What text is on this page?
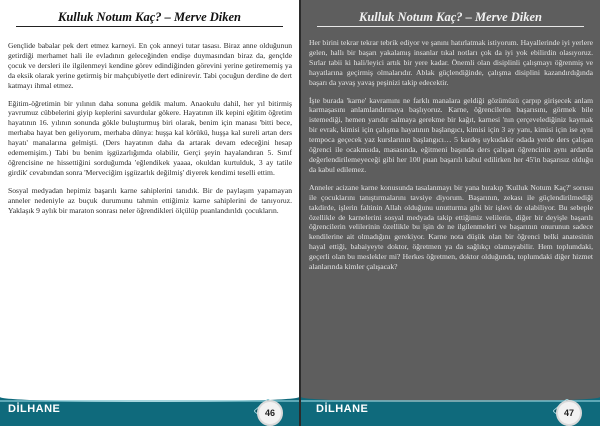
Kulluk Notum Kaç? – Merve Diken

Gençlide babalar pek dert etmez karneyi. En çok anneyi tutar tasası. Biraz anne olduğunun getirdiği merhamet hali ile evladının geleceğinden endişe duymasından biraz da, gençlde çocuk ve dersleri ile ilgilenmeyi kendine görev edindiğinden görevini yerine getirememiş ya da eksik olarak yerine getirmiş bir mahçubiyetle dert edinirevir. Tabi çocuğun derdine de dert katmayı ihmal etmez.

Eğitim-öğretimin bir yılının daha sonuna geldik malum. Anaokulu dahil, her yıl bitirmiş yavrumuz cübbelerini giyip keplerini savurdular gökere. Hayatının ilk kepini eğitim öğretim hayatının 16. yılının sonunda gökle buluşturmuş biri olarak, benim için manası 'bitti bece, merhaba hayat ben geliyorum, merhaba dünya: huşşa kal körükü, huşşa kal sureli artan ders hayatı' manalarına gelmişti. (Ders hayatının daha da artarak devam edeceğini hesap edememişim.) Tabi bu benim işgüzarlığımda olabilir, Gerçi şeyin hayalandıran 5. Sınıf öğrencisine ne hissettiğini sorduğumda 'eğlendikek yaaaa, okuldan kurtulduk, 3 ay tatile girdik' cevabından sonra 'Merveciğim işgüzarlık değilmiş' diyerek kendimi teselli ettim.

Sosyal medyadan hepimiz başarılı karne sahiplerini tanıdık. Bir de paylaşım yapamayan anneler nedeniyle az buçuk durumunu tahmin ettiğimiz karne sahiplerini de tanıyoruz. Yaklaşık 9 aylık bir maraton sonrası neler öğrendikleri ölçülüp puanlandırıldı çocukların.

DİLHANE	46
Kulluk Notum Kaç? – Merve Diken

Her birini tekrar tekrar tebrik ediyor ve şanını hatırlatmak istiyorum. Hayallerinde iyi yerlere gelen, hallı bir başarı yakalamış insanlar tıkal notları çok da iyi yok ebilirdin olasıyoruz. Sırlar tabii ki hali/leyici artık bir yere kadar. Önemli olan disiplinli çalışmayı öğrenmiş ve hayatlarına geçirmiş olmalarıdır. Ablak güçlendiğinde, çalışma disiplini kazandırdığında başarı da yavaş yavaş peşinizi takip edecektir.

İşte burada 'karne' kavramını ne farklı manalara geldiği gözümüzü çarpıp girişecek anlam karmaşasını anlamlandırmaya başlıyoruz. Karne, öğrencilerin başarısını, görmek bile istemediği, hemen yarıdır salmaya gerekme bir kağıt, karnesi 'nın çerçevelediğiniz kaymak bir evrak, kimisi için çalışma hayatının başlangıcı, kimisi için 3 ay yanı, kimisi için ise ayni tempoca geçecek yaz kurslarının başlangıcı… 5 kardeş uykudakir odada yerde ders çalışan öğrenci ile ocakmsıda, masasında, eğitmeni başında ders çalışan öğrencinin aynı ardarda değerlendirilemeyeceği gibi her 100 puan başarılı kabul edilirken her 45'in başarısız olduğu da kabul edilemez.

Anneler acizane karne konusunda tasalanmayı bir yana bırakıp 'Kulluk Notum Kaç?' sorusu ile çocuklarını tanıştırmalarını tavsiye diyorum. Başarının, zekası ile güçlendirilmediği takdirde, işlerin faltinin Allah olduğunu unutturma gibi bir işlevi de olabiliyor. Bu sebeple özellikle de karnelerini sosyal medyada takip ettiğimiz velilerin, diğer bir deyişle başarılı öğrencilerin velilerinin özellikle bu işin de ne ilgilenmeleri ve başarının onurunun sadece kendilerine ait olmadığını gerekiyor. Karne nota düşük olan bir öğrenci belki anatesinin hayal ettiği, babaiyeyte doktor, öğretmen ya da sağlıkçı olamayabilir. Hem toplumdaki, geçerli olan bu meslekler mi? Herkes öğretmen, doktor olduğunda, toplumdaki diğer hizmet alanlarında kimler çalışacak?

DİLHANE	47
